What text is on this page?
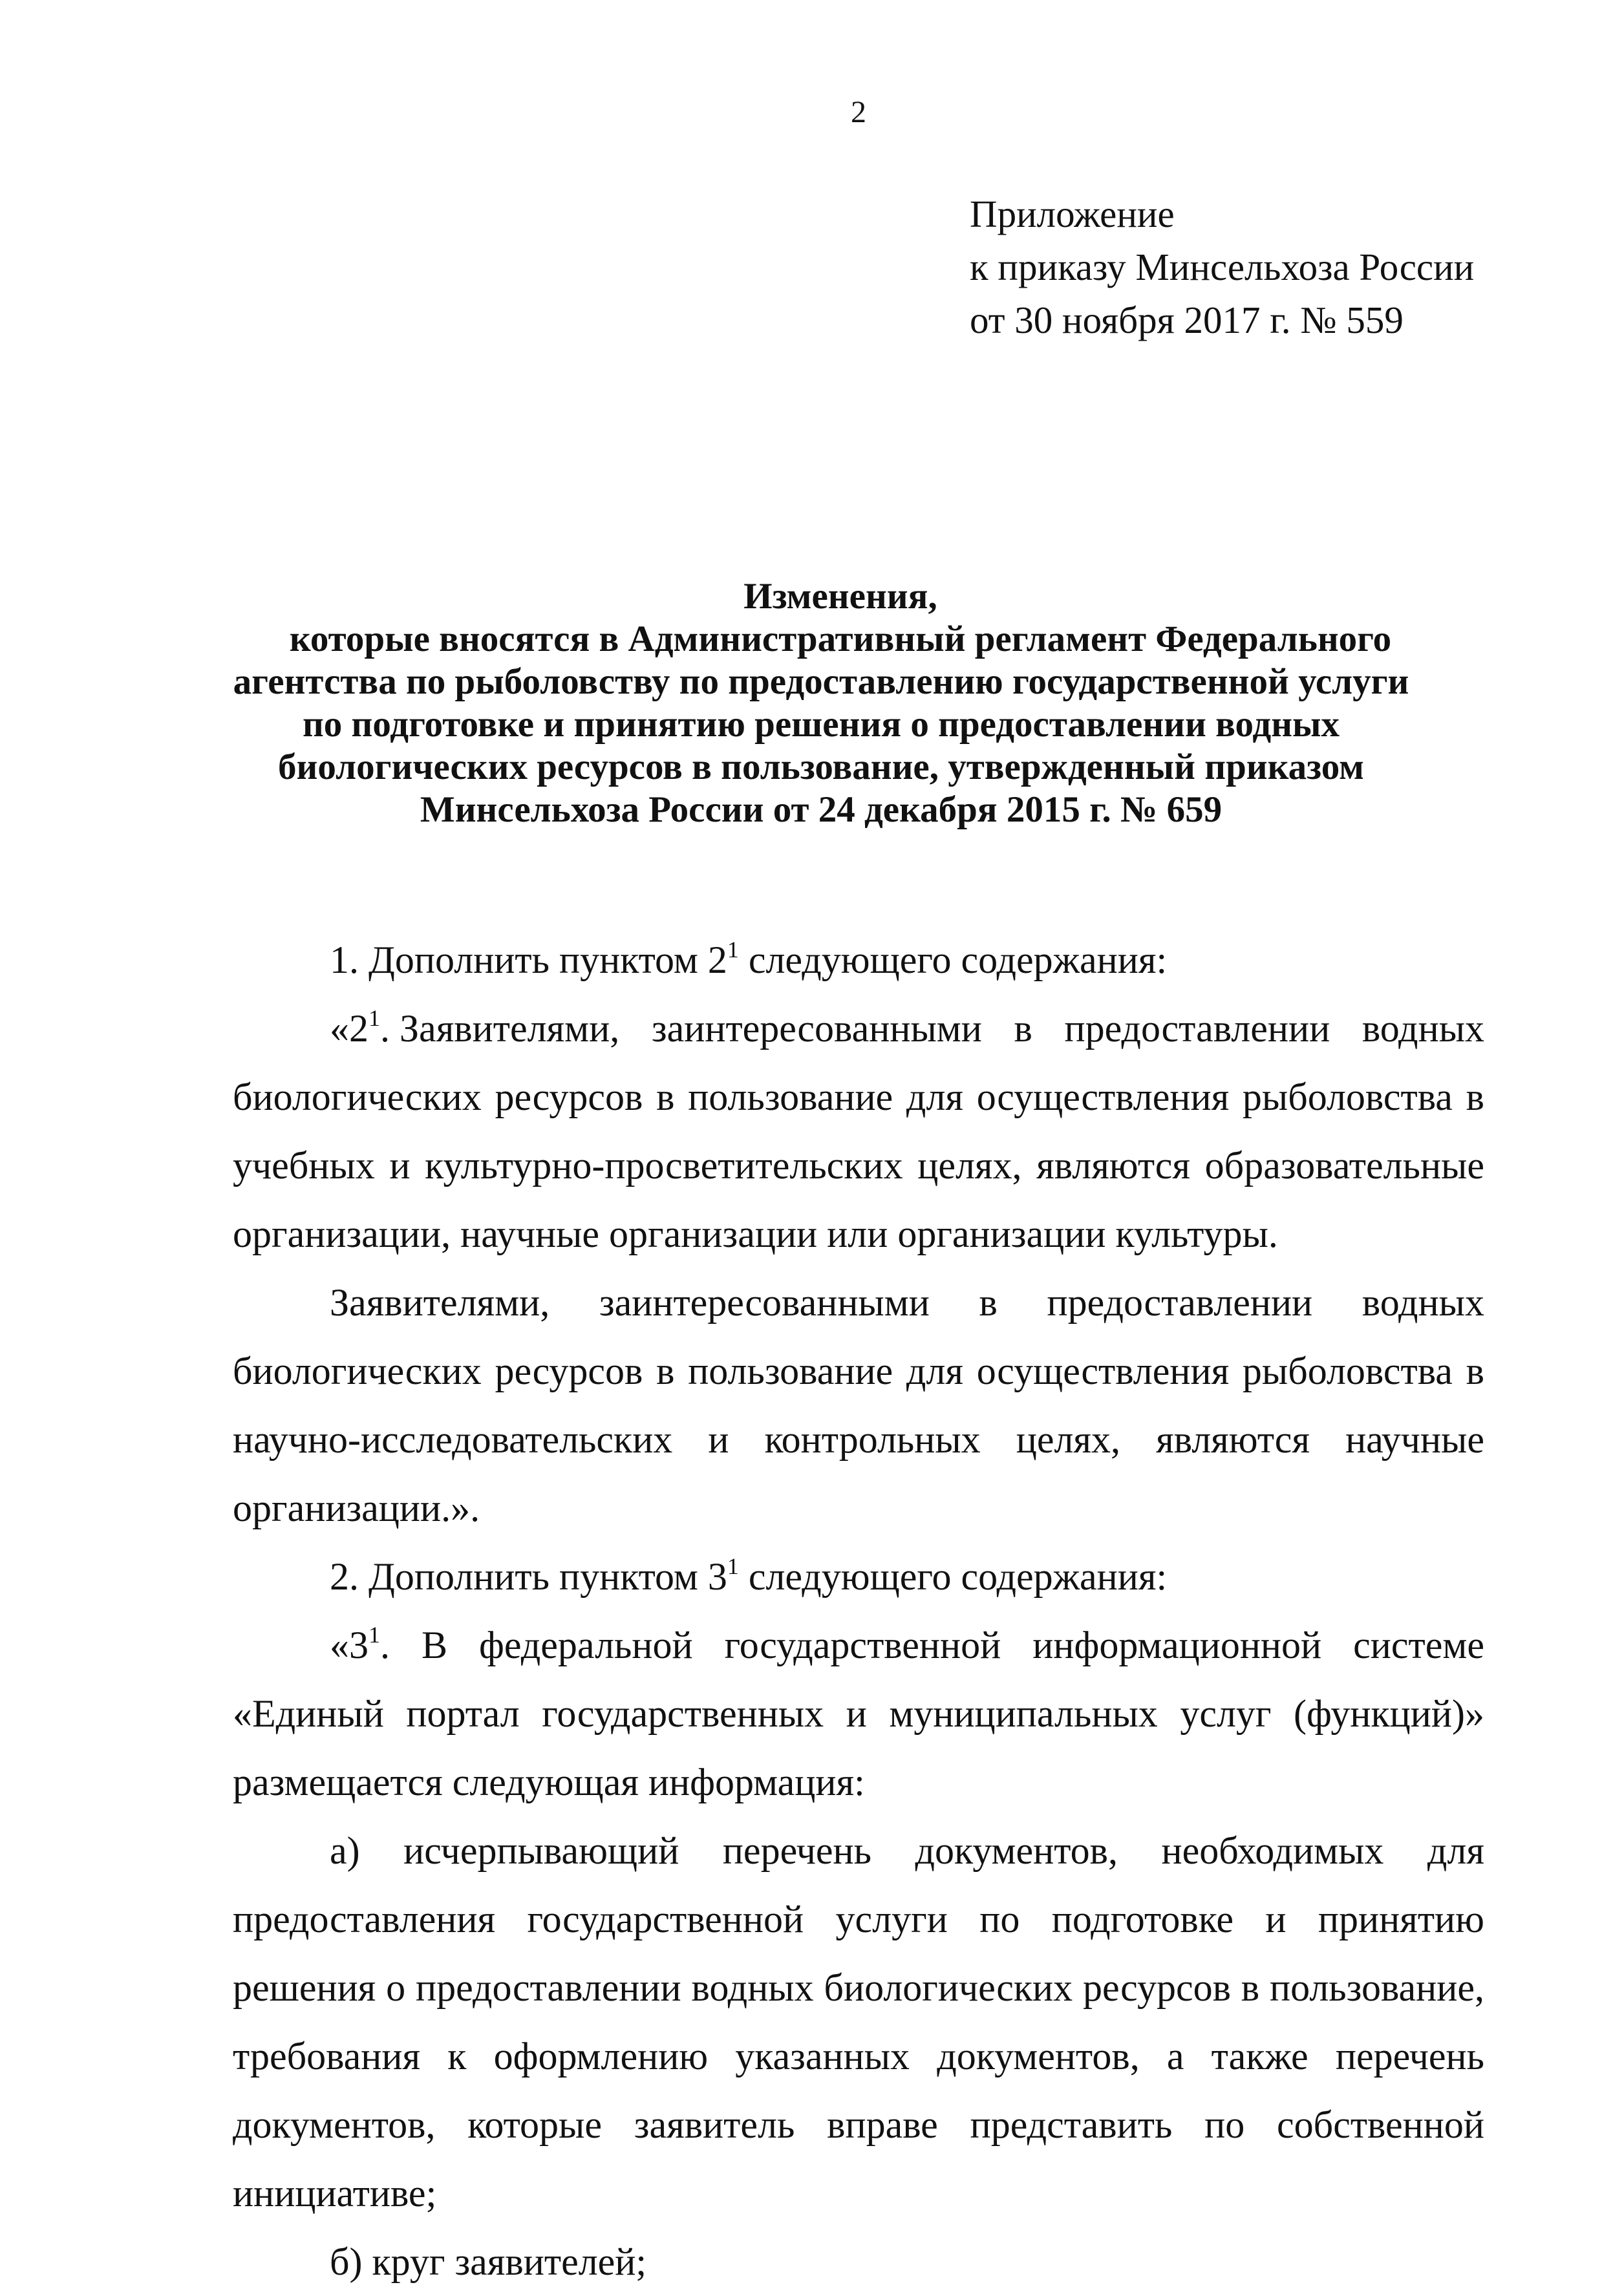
2
Приложение
к приказу Минсельхоза России
от 30 ноября 2017 г. № 559
Изменения,
которые вносятся в Административный регламент Федерального
агентства по рыболовству по предоставлению государственной услуги
по подготовке и принятию решения о предоставлении водных
биологических ресурсов в пользование, утвержденный приказом
Минсельхоза России от 24 декабря 2015 г. № 659

1. Дополнить пунктом $2^1$ следующего содержания:

«$2^1$. Заявителями, заинтересованными в предоставлении водных

биологических ресурсов в пользование для осуществления рыболовства в учебных и культурно-просветительских целях, являются образовательные организации, научные организации или организации культуры.

Заявителями, заинтересованными в предоставлении водных биологических ресурсов в пользование для осуществления рыболовства в научно-исследовательских и контрольных целях, являются научные организации.».

2. Дополнить пунктом $3^1$ следующего содержания:

«$3^1$. В федеральной государственной информационной системе «Единый портал государственных и муниципальных услуг (функций)» размещается следующая информация:

а) исчерпывающий перечень документов, необходимых для предоставления государственной услуги по подготовке и принятию решения о предоставлении водных биологических ресурсов в пользование, требования к оформлению указанных документов, а также перечень документов, которые заявитель вправе представить по собственной инициативе;

б) круг заявителей;
